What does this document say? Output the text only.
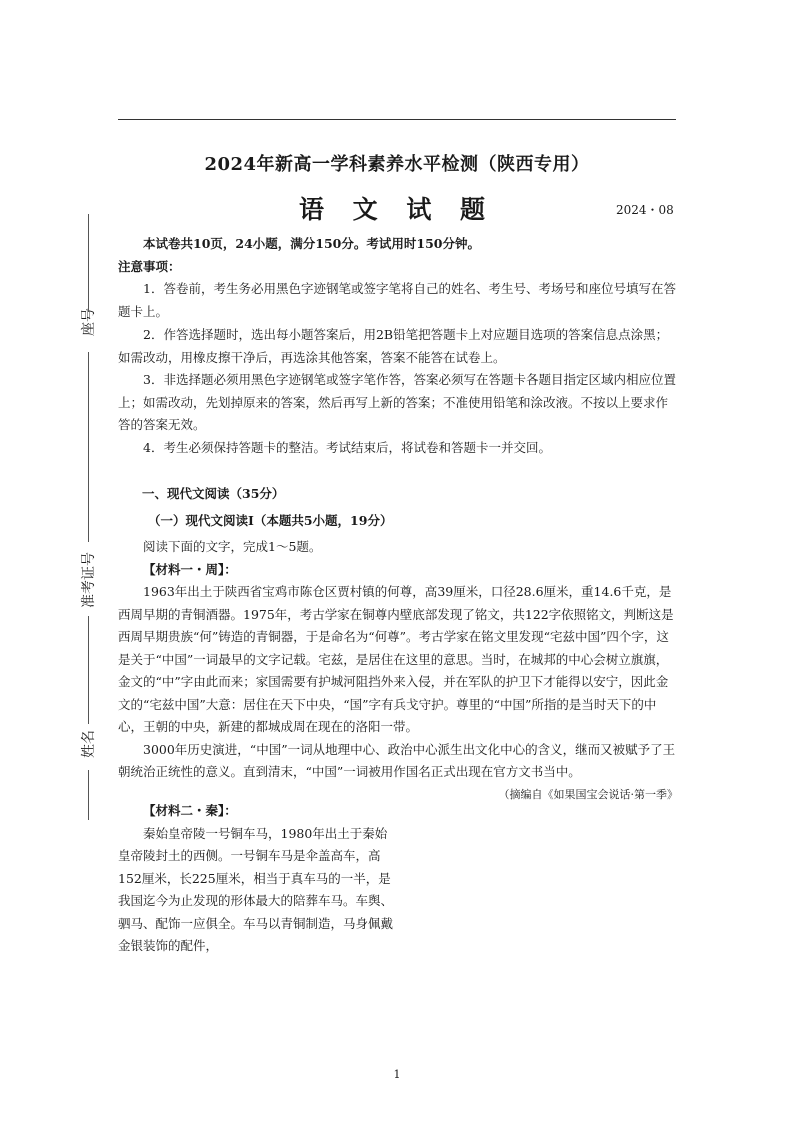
2024年新高一学科素养水平检测（陕西专用）
语 文 试 题	2024・08
座号
准考证号
姓名

本试卷共10页，24小题，满分150分。考试用时150分钟。

注意事项：

1．答卷前，考生务必用黑色字迹钢笔或签字笔将自己的姓名、考生号、考场号和座位号填写在答题卡上。

2．作答选择题时，选出每小题答案后，用2B铅笔把答题卡上对应题目选项的答案信息点涂黑；如需改动，用橡皮擦干净后，再选涂其他答案，答案不能答在试卷上。

3．非选择题必须用黑色字迹钢笔或签字笔作答，答案必须写在答题卡各题目指定区域内相应位置上；如需改动，先划掉原来的答案，然后再写上新的答案；不准使用铅笔和涂改液。不按以上要求作答的答案无效。

4．考生必须保持答题卡的整洁。考试结束后，将试卷和答题卡一并交回。

一、现代文阅读（35分）

（一）现代文阅读Ⅰ（本题共5小题，19分）

阅读下面的文字，完成1～5题。

【材料一・周】：

1963年出土于陕西省宝鸡市陈仓区贾村镇的何尊，高39厘米，口径28.6厘米，重14.6千克，是西周早期的青铜酒器。1975年，考古学家在铜尊内壁底部发现了铭文，共122字依照铭文，判断这是西周早期贵族“何”铸造的青铜器，于是命名为“何尊”。考古学家在铭文里发现“宅兹中国”四个字，这是关于“中国”一词最早的文字记载。宅兹，是居住在这里的意思。当时，在城邦的中心会树立旗旗，金文的“中”字由此而来；家国需要有护城河阻挡外来入侵，并在军队的护卫下才能得以安宁，因此金文的“宅兹中国”大意：居住在天下中央，“国”字有兵戈守护。尊里的“中国”所指的是当时天下的中心，王朝的中央，新建的都城成周在现在的洛阳一带。

3000年历史演进，“中国”一词从地理中心、政治中心派生出文化中心的含义，继而又被赋予了王朝统治正统性的意义。直到清末，“中国”一词被用作国名正式出现在官方文书当中。

（摘编自《如果国宝会说话·第一季》

【材料二・秦】：

秦始皇帝陵一号铜车马，1980年出土于秦始皇帝陵封土的西侧。一号铜车马是伞盖高车，高152厘米，长225厘米，相当于真车马的一半，是我国迄今为止发现的形体最大的陪葬车马。车舆、驷马、配饰一应俱全。车马以青铜制造，马身佩戴金银装饰的配件，

1
